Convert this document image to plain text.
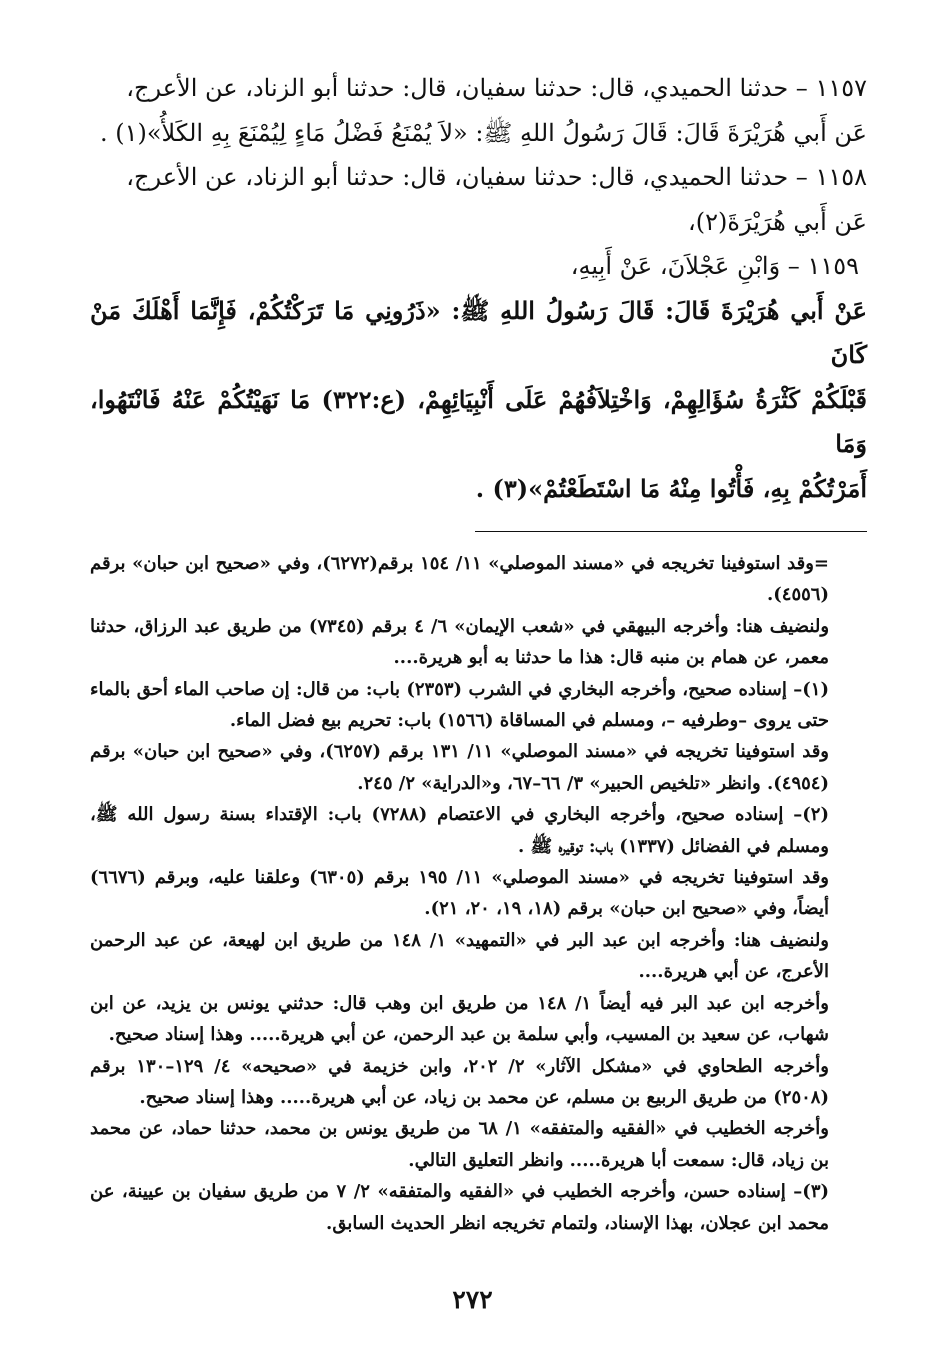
١١٥٧ – حدثنا الحميدي، قال: حدثنا سفيان، قال: حدثنا أبو الزناد، عن الأعرج،

عَن أَبي هُرَيْرَةَ قَالَ: قَالَ رَسُولُ اللهِ ﷺ: «لاَ يُمْنَعُ فَضْلُ مَاءٍ لِيُمْنَعَ بِهِ الكَلأُ»(١) .

١١٥٨ – حدثنا الحميدي، قال: حدثنا سفيان، قال: حدثنا أبو الزناد، عن الأعرج،

عَن أَبي هُرَيْرَةَ(٢)،

١١٥٩ – وَابْنِ عَجْلاَنَ، عَنْ أَبِيهِ،

عَنْ أَبي هُرَيْرَةَ قَالَ: قَالَ رَسُولُ اللهِ ﷺ: «ذَرُونِي مَا تَرَكْتُكُمْ، فَإِنَّمَا أَهْلَكَ مَنْ كَانَ

قَبْلَكُمْ كَثْرَةُ سُؤَالِهِمْ، وَاخْتِلاَفُهُمْ عَلَى أَنْبِيَائِهِمْ، (ع:٣٢٢) مَا نَهَيْتُكُمْ عَنْهُ فَانْتَهُوا، وَمَا

أَمَرْتُكُمْ بِهِ، فَأْتُوا مِنْهُ مَا اسْتَطَعْتُمْ»(٣) .

=وقد استوفينا تخريجه في «مسند الموصلي» ١١/ ١٥٤ برقم(٦٢٧٢)، وفي «صحيح ابن حبان» برقم (٤٥٥٦).

ولنضيف هنا: وأخرجه البيهقي في «شعب الإيمان» ٦/ ٤ برقم (٧٣٤٥) من طريق عبد الرزاق، حدثنا معمر، عن همام بن منبه قال: هذا ما حدثنا به أبو هريرة....

(١)– إسناده صحيح، وأخرجه البخاري في الشرب (٢٣٥٣) باب: من قال: إن صاحب الماء أحق بالماء حتى يروى –وطرفيه –، ومسلم في المساقاة (١٥٦٦) باب: تحريم بيع فضل الماء.

وقد استوفينا تخريجه في «مسند الموصلي» ١١/ ١٣١ برقم (٦٢٥٧)، وفي «صحيح ابن حبان» برقم (٤٩٥٤). وانظر «تلخيص الحبير» ٣/ ٦٦–٦٧، و«الدراية» ٢/ ٢٤٥.

(٢)– إسناده صحيح، وأخرجه البخاري في الاعتصام (٧٢٨٨) باب: الإقتداء بسنة رسول الله ﷺ، ومسلم في الفضائل (١٣٣٧) باب: توقيره ﷺ .

وقد استوفينا تخريجه في «مسند الموصلي» ١١/ ١٩٥ برقم (٦٣٠٥) وعلقنا عليه، وبرقم (٦٦٧٦) أيضاً، وفي «صحيح ابن حبان» برقم (١٨، ١٩، ٢٠، ٢١).

ولنضيف هنا: وأخرجه ابن عبد البر في «التمهيد» ١/ ١٤٨ من طريق ابن لهيعة، عن عبد الرحمن الأعرج، عن أبي هريرة....

وأخرجه ابن عبد البر فيه أيضاً ١/ ١٤٨ من طريق ابن وهب قال: حدثني يونس بن يزيد، عن ابن شهاب، عن سعيد بن المسيب، وأبي سلمة بن عبد الرحمن، عن أبي هريرة..... وهذا إسناد صحيح.

وأخرجه الطحاوي في «مشكل الآثار» ٢/ ٢٠٢، وابن خزيمة في «صحيحه» ٤/ ١٢٩–١٣٠ برقم (٢٥٠٨) من طريق الربيع بن مسلم، عن محمد بن زياد، عن أبي هريرة..... وهذا إسناد صحيح.

وأخرجه الخطيب في «الفقيه والمتفقه» ١/ ٦٨ من طريق يونس بن محمد، حدثنا حماد، عن محمد بن زياد، قال: سمعت أبا هريرة..... وانظر التعليق التالي.

(٣)– إسناده حسن، وأخرجه الخطيب في «الفقيه والمتفقه» ٢/ ٧ من طريق سفيان بن عيينة، عن محمد ابن عجلان، بهذا الإسناد، ولتمام تخريجه انظر الحديث السابق.

٢٧٢
